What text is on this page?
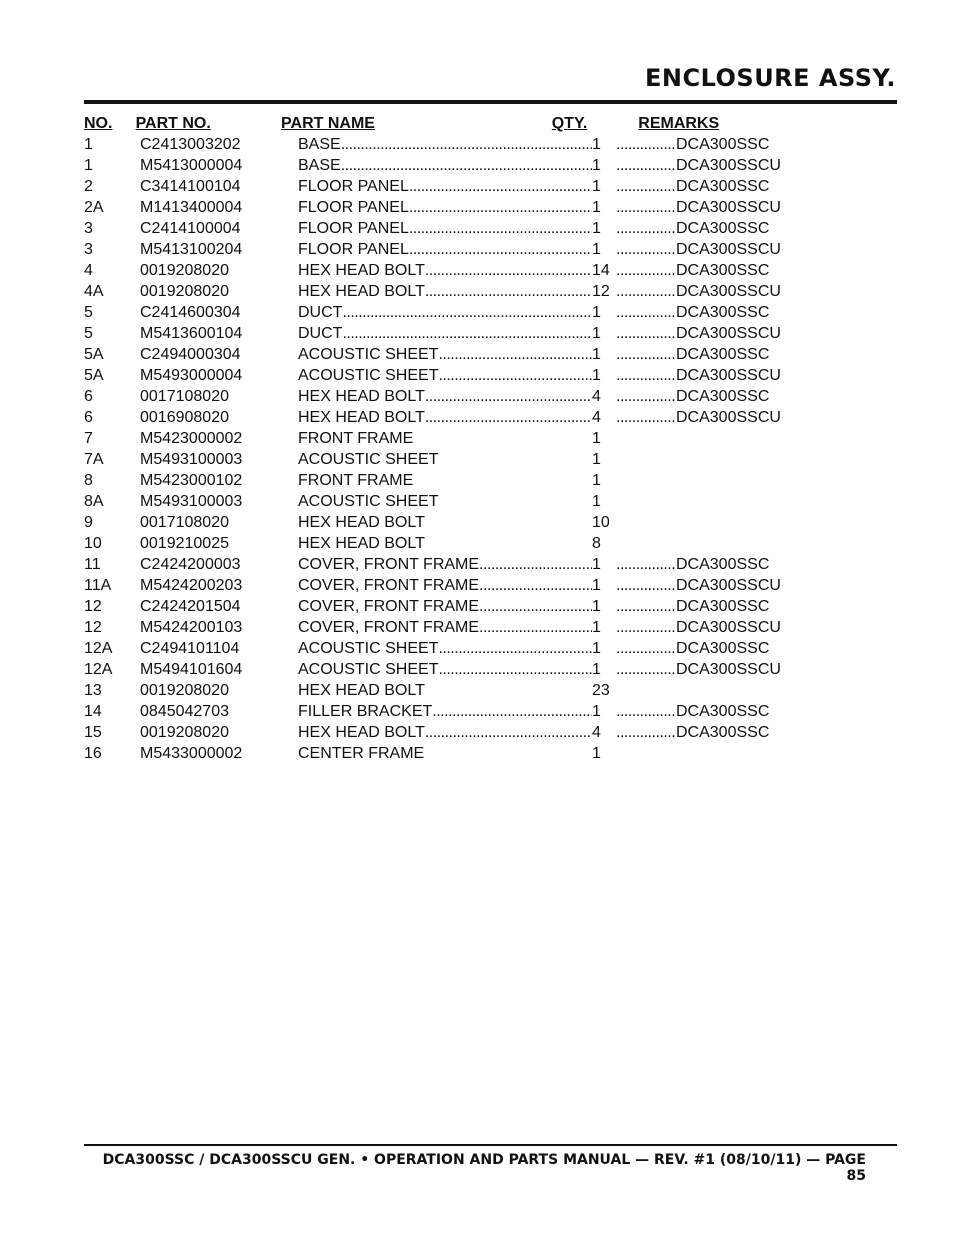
ENCLOSURE ASSY.
NO.	PART NO.	PART NAME	QTY.	REMARKS
1	C2413003202	BASE .....	1 .....	DCA300SSC
1	M5413000004	BASE .....	1 .....	DCA300SSCU
2	C3414100104	FLOOR PANEL .....	1 .....	DCA300SSC
2A	M1413400004	FLOOR PANEL .....	1 .....	DCA300SSCU
3	C2414100004	FLOOR PANEL .....	1 .....	DCA300SSC
3	M5413100204	FLOOR PANEL .....	1 .....	DCA300SSCU
4	0019208020	HEX HEAD BOLT .....	14 .....	DCA300SSC
4A	0019208020	HEX HEAD BOLT .....	12 .....	DCA300SSCU
5	C2414600304	DUCT .....	1 .....	DCA300SSC
5	M5413600104	DUCT .....	1 .....	DCA300SSCU
5A	C2494000304	ACOUSTIC SHEET .....	1 .....	DCA300SSC
5A	M5493000004	ACOUSTIC SHEET .....	1 .....	DCA300SSCU
6	0017108020	HEX HEAD BOLT .....	4 .....	DCA300SSC
6	0016908020	HEX HEAD BOLT .....	4 .....	DCA300SSCU
7	M5423000002	FRONT FRAME	1
7A	M5493100003	ACOUSTIC SHEET	1
8	M5423000102	FRONT FRAME	1
8A	M5493100003	ACOUSTIC SHEET	1
9	0017108020	HEX HEAD BOLT	10
10	0019210025	HEX HEAD BOLT	8
11	C2424200003	COVER, FRONT FRAME .....	1 .....	DCA300SSC
11A	M5424200203	COVER, FRONT FRAME .....	1 .....	DCA300SSCU
12	C2424201504	COVER, FRONT FRAME .....	1 .....	DCA300SSC
12	M5424200103	COVER, FRONT FRAME .....	1 .....	DCA300SSCU
12A	C2494101104	ACOUSTIC SHEET .....	1 .....	DCA300SSC
12A	M5494101604	ACOUSTIC SHEET .....	1 .....	DCA300SSCU
13	0019208020	HEX HEAD BOLT	23
14	0845042703	FILLER BRACKET .....	1 .....	DCA300SSC
15	0019208020	HEX HEAD BOLT .....	4 .....	DCA300SSC
16	M5433000002	CENTER FRAME	1
DCA300SSC / DCA300SSCU GEN. • OPERATION AND PARTS MANUAL — REV. #1 (08/10/11) — PAGE 85
